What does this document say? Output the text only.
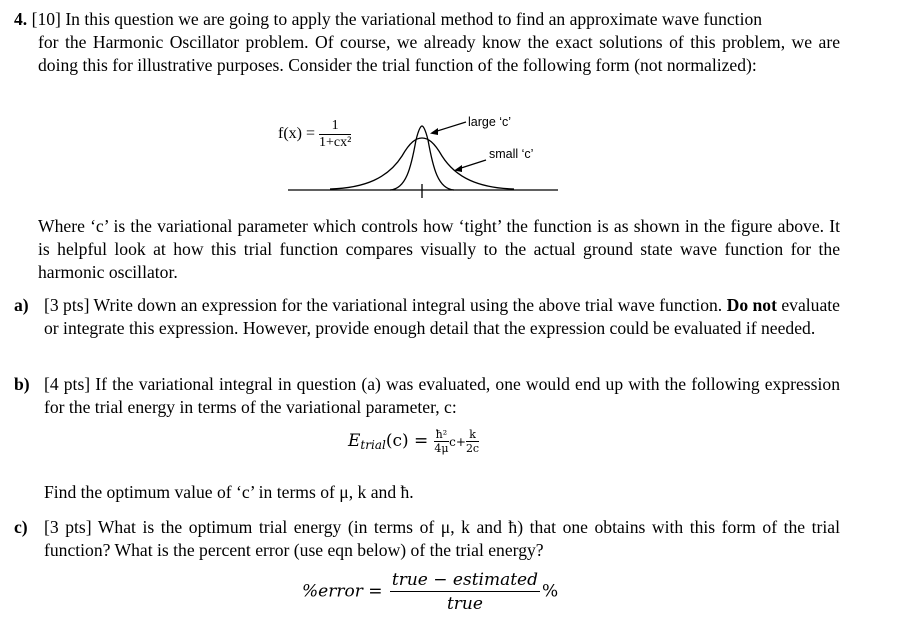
4. [10] In this question we are going to apply the variational method to find an approximate wave function
for the Harmonic Oscillator problem. Of course, we already know the exact solutions of this problem, we are doing this for illustrative purposes. Consider the trial function of the following form (not normalized):
$f(x) = \frac{1}{\text{1+cx²}}$	large ‘c’
small ‘c’
Where ‘c’ is the variational parameter which controls how ‘tight’ the function is as shown in the figure above. It is helpful look at how this trial function compares visually to the actual ground state wave function for the harmonic oscillator.
a) [3 pts] Write down an expression for the variational integral using the above trial wave function. Do not evaluate or integrate this expression. However, provide enough detail that the expression could be evaluated if needed.
b) [4 pts] If the variational integral in question (a) was evaluated, one would end up with the following expression for the trial energy in terms of the variational parameter, c:
$E_{trial}(c) = \frac{\text{ħ²}}{4\mu} c+ \frac{k}{2c}$
Find the optimum value of ‘c’ in terms of μ, k and ħ.
c) [3 pts] What is the optimum trial energy (in terms of μ, k and ħ) that one obtains with this form of the trial function? What is the percent error (use eqn below) of the trial energy?
%error = $\frac{\text{true − estimated}}{\text{true}}$ %
